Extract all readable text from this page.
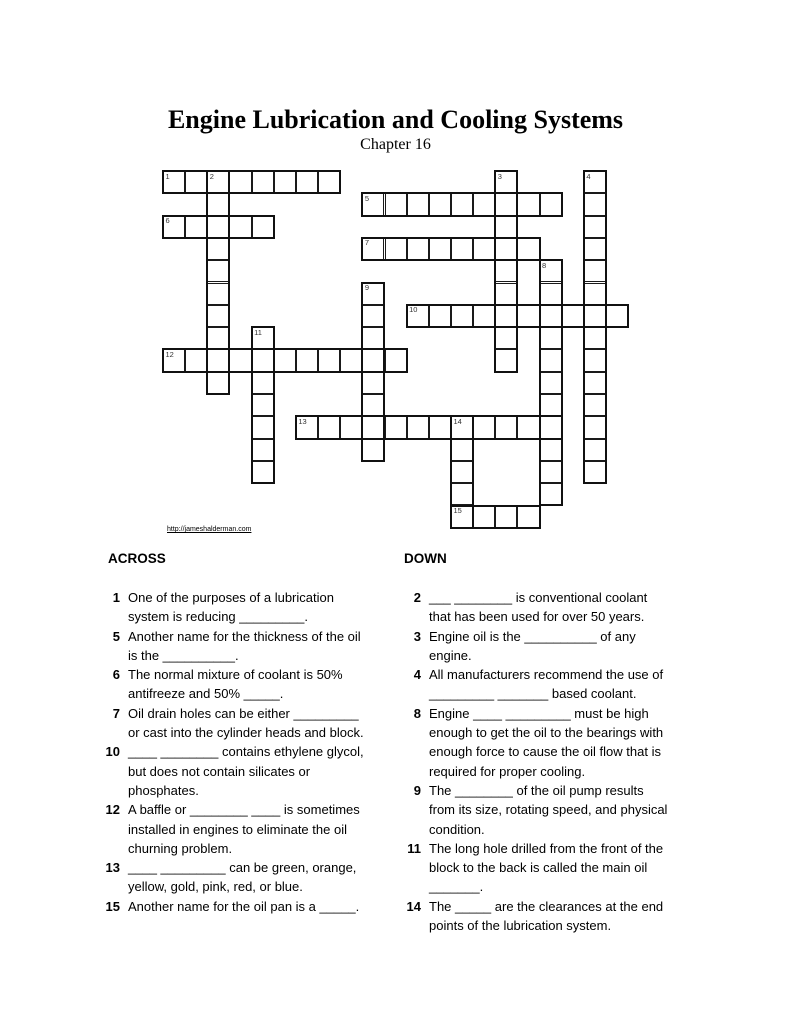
Engine Lubrication and Cooling Systems
Chapter 16
1	2	3	4
5
6
7
8
9
10
11
12
13	14
15
http://jameshalderman.com
ACROSS
1 One of the purposes of a lubrication system is reducing _________.
5 Another name for the thickness of the oil is the __________.
6 The normal mixture of coolant is 50% antifreeze and 50% _____.
7 Oil drain holes can be either _________ or cast into the cylinder heads and block.
10 ____ ________ contains ethylene glycol, but does not contain silicates or phosphates.
12 A baffle or ________ ____ is sometimes installed in engines to eliminate the oil churning problem.
13 ____ _________ can be green, orange, yellow, gold, pink, red, or blue.
15 Another name for the oil pan is a _____.
DOWN
2 ___ ________ is conventional coolant that has been used for over 50 years.
3 Engine oil is the __________ of any engine.
4 All manufacturers recommend the use of _________ _______ based coolant.
8 Engine ____ _________ must be high enough to get the oil to the bearings with enough force to cause the oil flow that is required for proper cooling.
9 The ________ of the oil pump results from its size, rotating speed, and physical condition.
11 The long hole drilled from the front of the block to the back is called the main oil _______.
14 The _____ are the clearances at the end points of the lubrication system.
